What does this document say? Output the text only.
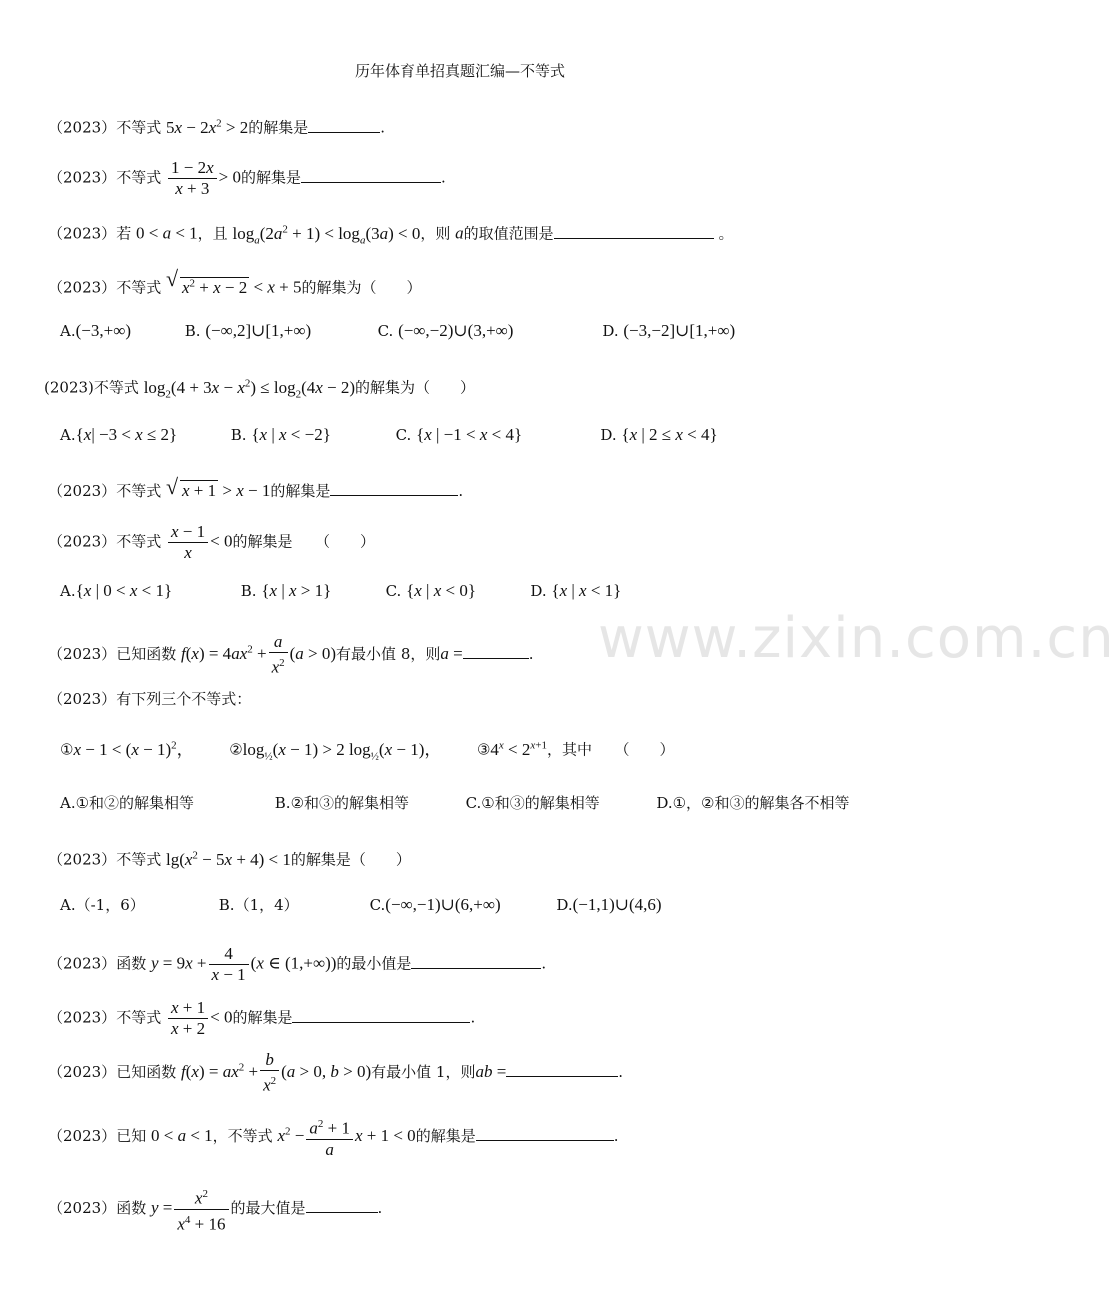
历年体育单招真题汇编—不等式
（2023）不等式 $5x - 2x^2 > 2$的解集是	.
（2023）不等式 $\frac{1 - 2x}{x + 3} > 0$的解集是	.
（2023）若 0 < a < 1，且 $\log_a(2a^2 + 1) < \log_a(3a) < 0$，则 a的取值范围是	。
（2023）不等式 √ $x^2 + x - 2 < x + 5$的解集为（　　）
A.(−3,+∞)	B. (−∞,2]∪[1,+∞)	C. (−∞,−2)∪(3,+∞)	D. (−3,−2]∪[1,+∞)
(2023)不等式 $\log_2(4 + 3x - x^2) \le \log_2(4x - 2)$的解集为（　　）
A.{x| −3 < x ≤ 2}	B. {x | x < −2}	C. {x | −1 < x < 4}	D. {x | 2 ≤ x < 4}
（2023）不等式 √ x + 1 > x − 1的解集是	.
（2023）不等式 $\frac{x - 1}{x} < 0$的解集是　　（　　）
A.{x | 0 < x < 1}	B. {x | x > 1}	C. {x | x < 0}	D. {x | x < 1}
www.zixin.com.cn
（2023）已知函数 $f(x) = 4ax^2 + \frac{a}{x^2} (a > 0)$有最小值 8，则a =	.
（2023）有下列三个不等式：
①x − $1 < (x - 1)^2$， $②\log_{\frac{1}{2}}(x - 1) > 2$ $\log_{\frac{1}{2}}(x - 1)$， $③4^x < 2^{x+1}$，其中　　（　　）
A.①和②的解集相等	B.②和③的解集相等	C.①和③的解集相等	D.①，②和③的解集各不相等
（2023）不等式 $\lg(x^2 - 5x + 4) < 1$的解集是（　　）
A.（-1，6）	B.（1，4）	C.(−∞,−1)∪(6,+∞)	D.(−1,1)∪(4,6)
（2023）函数 $y = 9x + \frac{4}{x - 1} (x$ ∈ (1,+∞))的最小值是	.
（2023）不等式 $\frac{x + 1}{x + 2} < 0$的解集是	.
（2023）已知函数 $f(x) = ax^2 + \frac{b}{x^2} (a > 0$, b > 0)有最小值 1，则ab =	.
（2023）已知 0 < a < 1，不等式 $x^2 - \frac{a^2 + 1}{a}$ x + 1 < 0的解集是	.
（2023）函数 $y = \frac{x^2}{x^4 + 16}$ 的最大值是	.
